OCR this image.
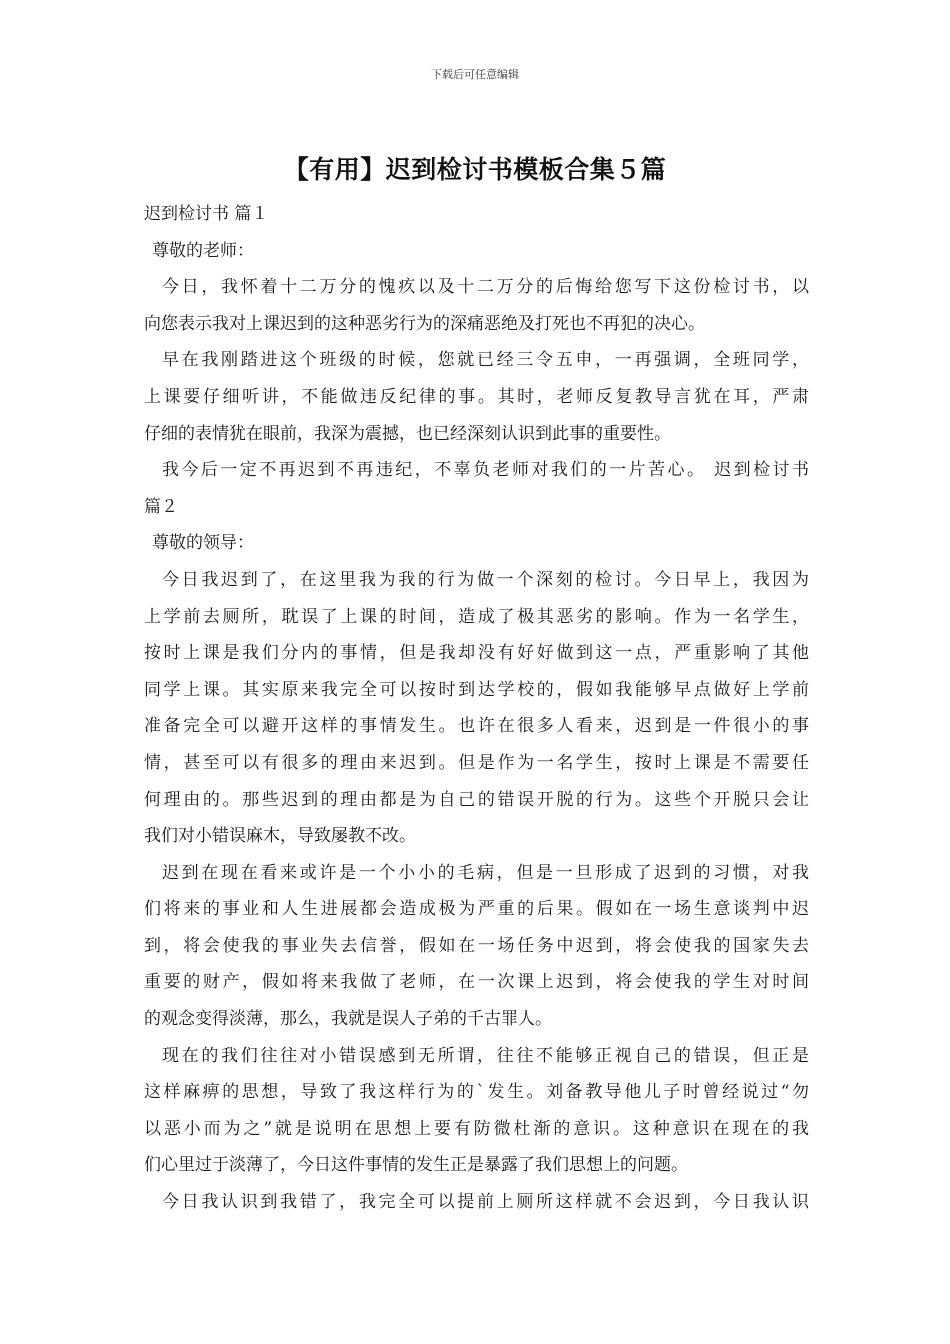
下载后可任意编辑
【有用】迟到检讨书模板合集５篇
迟到检讨书 篇１
尊敬的老师：
今日，我怀着十二万分的愧疚以及十二万分的后悔给您写下这份检讨书，以
向您表示我对上课迟到的这种恶劣行为的深痛恶绝及打死也不再犯的决心。
早在我刚踏进这个班级的时候，您就已经三令五申，一再强调，全班同学，
上课要仔细听讲，不能做违反纪律的事。其时，老师反复教导言犹在耳，严肃
仔细的表情犹在眼前，我深为震撼，也已经深刻认识到此事的重要性。
我今后一定不再迟到不再违纪，不辜负老师对我们的一片苦心。 迟到检讨书
篇２
尊敬的领导：
今日我迟到了，在这里我为我的行为做一个深刻的检讨。今日早上，我因为
上学前去厕所，耽误了上课的时间，造成了极其恶劣的影响。作为一名学生，
按时上课是我们分内的事情，但是我却没有好好做到这一点，严重影响了其他
同学上课。其实原来我完全可以按时到达学校的，假如我能够早点做好上学前
准备完全可以避开这样的事情发生。也许在很多人看来，迟到是一件很小的事
情，甚至可以有很多的理由来迟到。但是作为一名学生，按时上课是不需要任
何理由的。那些迟到的理由都是为自己的错误开脱的行为。这些个开脱只会让
我们对小错误麻木，导致屡教不改。
迟到在现在看来或许是一个小小的毛病，但是一旦形成了迟到的习惯，对我
们将来的事业和人生进展都会造成极为严重的后果。假如在一场生意谈判中迟
到，将会使我的事业失去信誉，假如在一场任务中迟到，将会使我的国家失去
重要的财产，假如将来我做了老师，在一次课上迟到，将会使我的学生对时间
的观念变得淡薄，那么，我就是误人子弟的千古罪人。
现在的我们往往对小错误感到无所谓，往往不能够正视自己的错误，但正是
这样麻痹的思想，导致了我这样行为的`发生。刘备教导他儿子时曾经说过“勿
以恶小而为之”就是说明在思想上要有防微杜渐的意识。这种意识在现在的我
们心里过于淡薄了，今日这件事情的发生正是暴露了我们思想上的问题。
今日我认识到我错了，我完全可以提前上厕所这样就不会迟到，今日我认识
